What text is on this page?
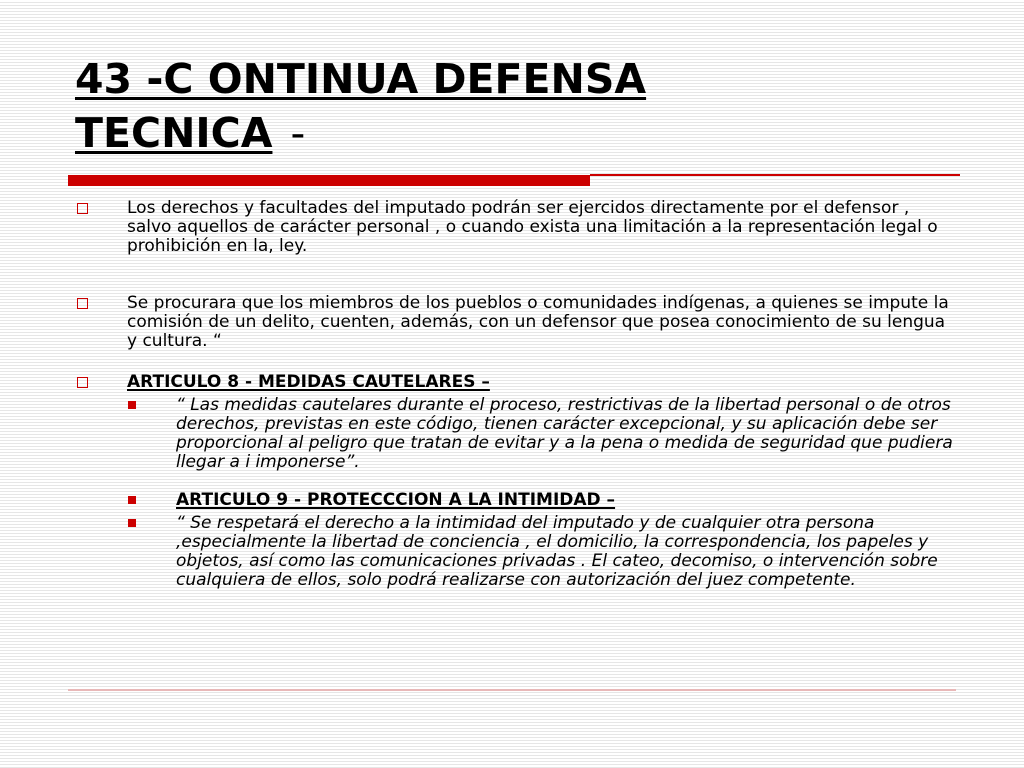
43 -C ONTINUA DEFENSA
TECNICA -
Los derechos y facultades del imputado podrán ser ejercidos directamente por el defensor , salvo aquellos de carácter personal , o cuando exista una limitación a la representación legal o prohibición en la, ley.
Se procurara que los miembros de los pueblos o comunidades indígenas, a quienes se impute la comisión de un delito, cuenten, además, con un defensor que posea conocimiento de su lengua y cultura. “
ARTICULO 8 - MEDIDAS CAUTELARES –
“ Las medidas cautelares durante el proceso, restrictivas de la libertad personal o de otros derechos, previstas en este código, tienen carácter excepcional, y su aplicación debe ser proporcional al peligro que tratan de evitar y a la pena o medida de seguridad que pudiera llegar a i imponerse”.
ARTICULO 9 - PROTECCCION A LA INTIMIDAD –
“ Se respetará el derecho a la intimidad del imputado y de cualquier otra persona ,especialmente la libertad de conciencia , el domicilio, la correspondencia, los papeles y objetos, así como las comunicaciones privadas . El cateo, decomiso, o intervención sobre cualquiera de ellos, solo podrá realizarse con autorización del juez competente.
